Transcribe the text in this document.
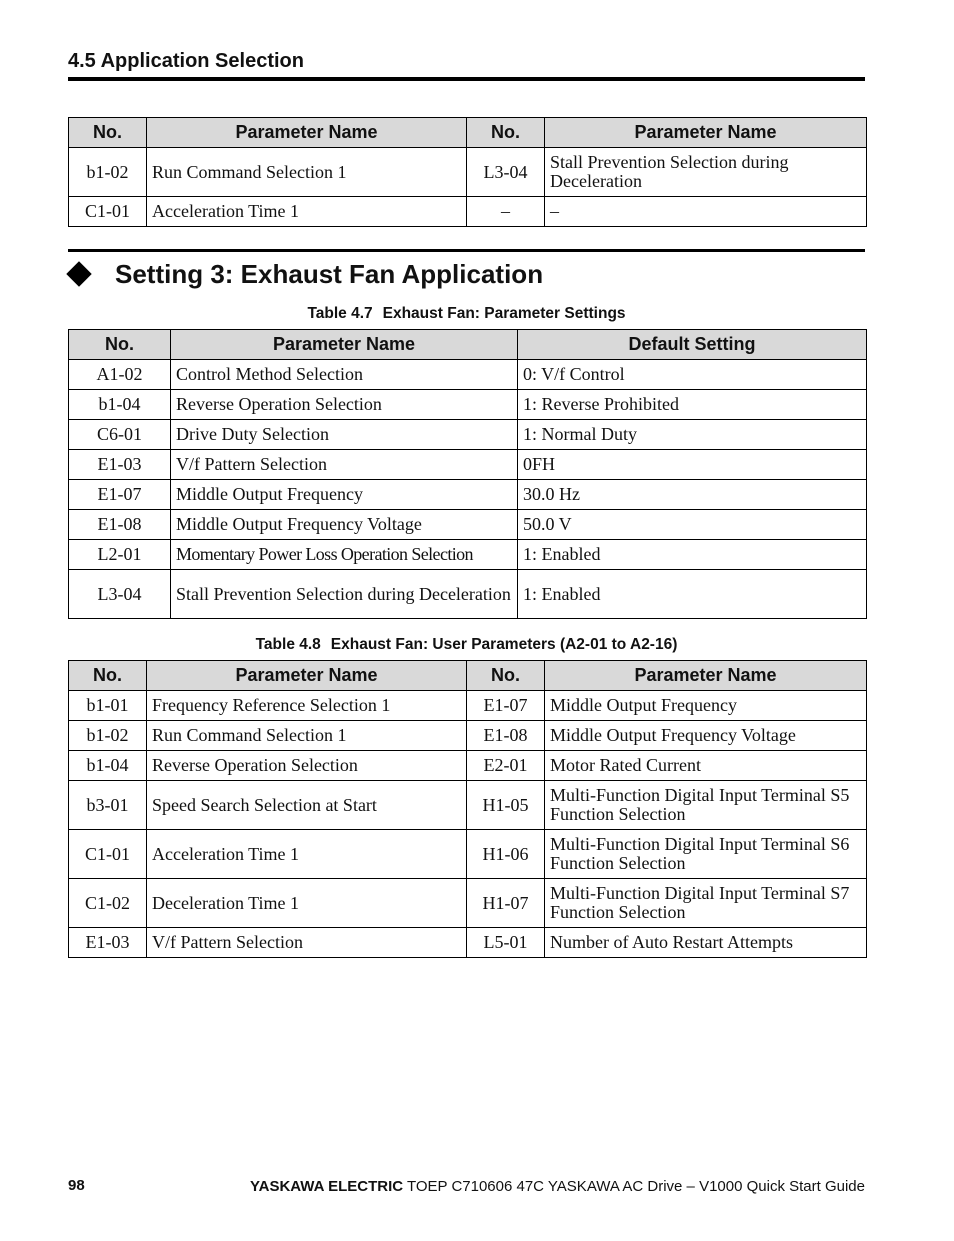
4.5 Application Selection
No.	Parameter Name	No.	Parameter Name
b1-02	Run Command Selection 1	L3-04	Stall Prevention Selection during Deceleration
C1-01	Acceleration Time 1	–	–
Setting 3: Exhaust Fan Application
Table 4.7 Exhaust Fan: Parameter Settings
No.	Parameter Name	Default Setting
A1-02	Control Method Selection	0: V/f Control
b1-04	Reverse Operation Selection	1: Reverse Prohibited
C6-01	Drive Duty Selection	1: Normal Duty
E1-03	V/f Pattern Selection	0FH
E1-07	Middle Output Frequency	30.0 Hz
E1-08	Middle Output Frequency Voltage	50.0 V
L2-01	Momentary Power Loss Operation Selection	1: Enabled
L3-04	Stall Prevention Selection during Deceleration	1: Enabled
Table 4.8 Exhaust Fan: User Parameters (A2-01 to A2-16)
No.	Parameter Name	No.	Parameter Name
b1-01	Frequency Reference Selection 1	E1-07	Middle Output Frequency
b1-02	Run Command Selection 1	E1-08	Middle Output Frequency Voltage
b1-04	Reverse Operation Selection	E2-01	Motor Rated Current
b3-01	Speed Search Selection at Start	H1-05	Multi-Function Digital Input Terminal S5 Function Selection
C1-01	Acceleration Time 1	H1-06	Multi-Function Digital Input Terminal S6 Function Selection
C1-02	Deceleration Time 1	H1-07	Multi-Function Digital Input Terminal S7 Function Selection
E1-03	V/f Pattern Selection	L5-01	Number of Auto Restart Attempts
98	YASKAWA ELECTRIC TOEP C710606 47C YASKAWA AC Drive – V1000 Quick Start Guide
